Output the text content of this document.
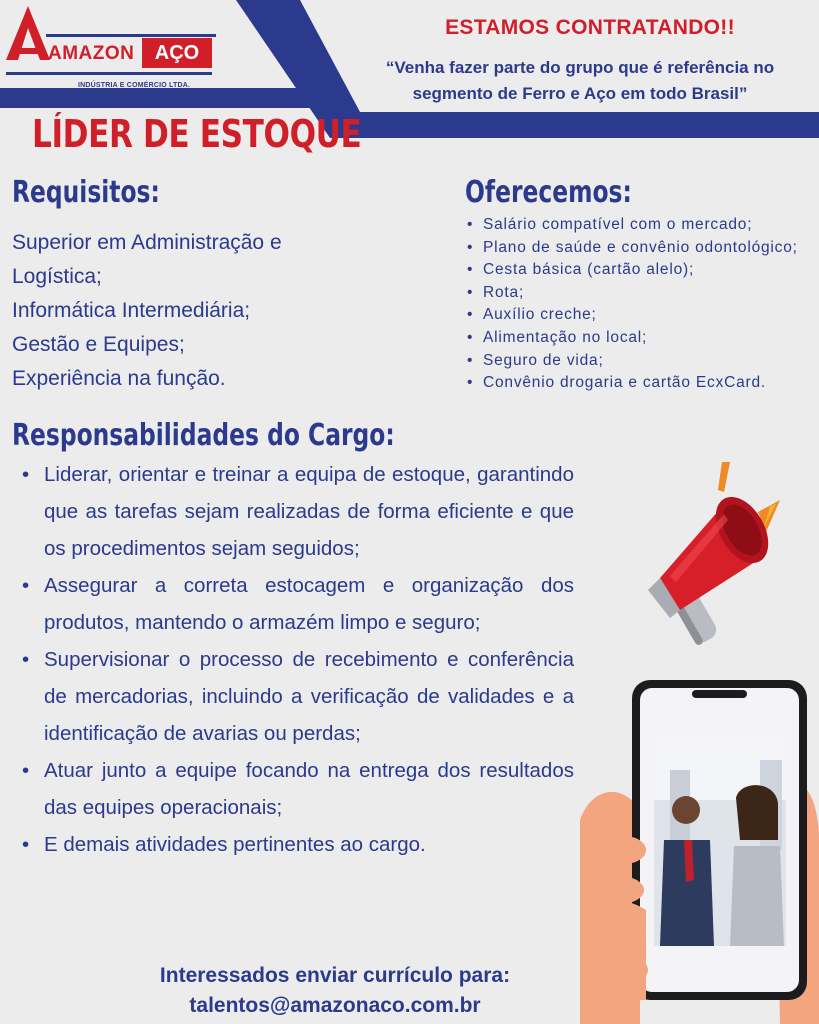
AMAZON	AÇO
INDÚSTRIA E COMÉRCIO LTDA.
ESTAMOS CONTRATANDO!!
“Venha fazer parte do grupo que é referência no
segmento de Ferro e Aço em todo Brasil”
LÍDER DE ESTOQUE
Requisitos:
Superior em Administração e
Logística;
Informática Intermediária;
Gestão e Equipes;
Experiência na função.
Oferecemos:
• Salário compatível com o mercado;
• Plano de saúde e convênio odontológico;
• Cesta básica (cartão alelo);
• Rota;
• Auxílio creche;
• Alimentação no local;
• Seguro de vida;
• Convênio drogaria e cartão EcxCard.
Responsabilidades do Cargo:
• Liderar, orientar e treinar a equipa de estoque, garantindo que as tarefas sejam realizadas de forma eficiente e que os procedimentos sejam seguidos;
• Assegurar a correta estocagem e organização dos produtos, mantendo o armazém limpo e seguro;
• Supervisionar o processo de recebimento e conferência de mercadorias, incluindo a verificação de validades e a identificação de avarias ou perdas;
• Atuar junto a equipe focando na entrega dos resultados das equipes operacionais;
• E demais atividades pertinentes ao cargo.
Interessados enviar currículo para:
talentos@amazonaco.com.br
